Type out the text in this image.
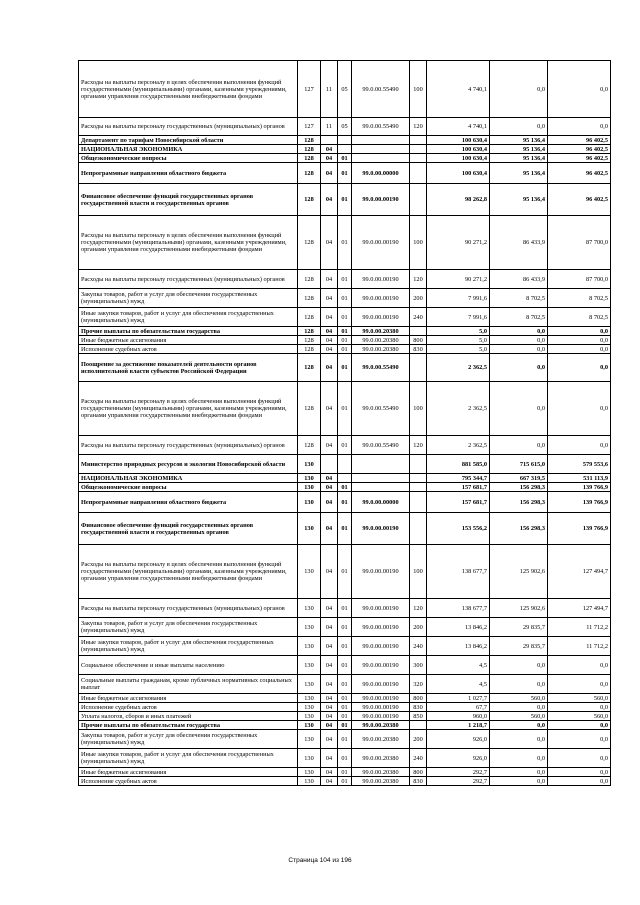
Расходы на выплаты персоналу в целях обеспечения выполнения функций государственными (муниципальными) органами, казенными учреждениями, органами управления государственными внебюджетными фондами	127	11	05	99.0.00.55490	100	4 740,1	0,0	0,0
Расходы на выплаты персоналу государственных (муниципальных) органов	127	11	05	99.0.00.55490	120	4 740,1	0,0	0,0
Департамент по тарифам Новосибирской области	128					100 630,4	95 136,4	96 402,5
НАЦИОНАЛЬНАЯ ЭКОНОМИКА	128	04				100 630,4	95 136,4	96 402,5
Общеэкономические вопросы	128	04	01			100 630,4	95 136,4	96 402,5
Непрограммные направления областного бюджета	128	04	01	99.0.00.00000		100 630,4	95 136,4	96 402,5
Финансовое обеспечение функций государственных органов государственной власти и государственных органов	128	04	01	99.0.00.00190		98 262,8	95 136,4	96 402,5
Расходы на выплаты персоналу в целях обеспечения выполнения функций государственными (муниципальными) органами, казенными учреждениями, органами управления государственными внебюджетными фондами	128	04	01	99.0.00.00190	100	90 271,2	86 433,9	87 700,0
Расходы на выплаты персоналу государственных (муниципальных) органов	128	04	01	99.0.00.00190	120	90 271,2	86 433,9	87 700,0
Закупка товаров, работ и услуг для обеспечения государственных (муниципальных) нужд	128	04	01	99.0.00.00190	200	7 991,6	8 702,5	8 702,5
Иные закупки товаров, работ и услуг для обеспечения государственных (муниципальных) нужд	128	04	01	99.0.00.00190	240	7 991,6	8 702,5	8 702,5
Прочие выплаты по обязательствам государства	128	04	01	99.0.00.20380		5,0	0,0	0,0
Иные бюджетные ассигнования	128	04	01	99.0.00.20380	800	5,0	0,0	0,0
Исполнение судебных актов	128	04	01	99.0.00.20380	830	5,0	0,0	0,0
Поощрение за достижение показателей деятельности органов исполнительной власти субъектов Российской Федерации	128	04	01	99.0.00.55490		2 362,5	0,0	0,0
Расходы на выплаты персоналу в целях обеспечения выполнения функций государственными (муниципальными) органами, казенными учреждениями, органами управления государственными внебюджетными фондами	128	04	01	99.0.00.55490	100	2 362,5	0,0	0,0
Расходы на выплаты персоналу государственных (муниципальных) органов	128	04	01	99.0.00.55490	120	2 362,5	0,0	0,0
Министерство природных ресурсов и экологии Новосибирской области	130					881 585,0	715 615,0	579 553,6
НАЦИОНАЛЬНАЯ ЭКОНОМИКА	130	04				795 344,7	667 319,5	531 113,9
Общеэкономические вопросы	130	04	01			157 681,7	156 298,3	139 766,9
Непрограммные направления областного бюджета	130	04	01	99.0.00.00000		157 681,7	156 298,3	139 766,9
Финансовое обеспечение функций государственных органов государственной власти и государственных органов	130	04	01	99.0.00.00190		153 556,2	156 298,3	139 766,9
Расходы на выплаты персоналу в целях обеспечения выполнения функций государственными (муниципальными) органами, казенными учреждениями, органами управления государственными внебюджетными фондами	130	04	01	99.0.00.00190	100	138 677,7	125 902,6	127 494,7
Расходы на выплаты персоналу государственных (муниципальных) органов	130	04	01	99.0.00.00190	120	138 677,7	125 902,6	127 494,7
Закупка товаров, работ и услуг для обеспечения государственных (муниципальных) нужд	130	04	01	99.0.00.00190	200	13 846,2	29 835,7	11 712,2
Иные закупки товаров, работ и услуг для обеспечения государственных (муниципальных) нужд	130	04	01	99.0.00.00190	240	13 846,2	29 835,7	11 712,2
Социальное обеспечение и иные выплаты населению	130	04	01	99.0.00.00190	300	4,5	0,0	0,0
Социальные выплаты гражданам, кроме публичных нормативных социальных выплат	130	04	01	99.0.00.00190	320	4,5	0,0	0,0
Иные бюджетные ассигнования	130	04	01	99.0.00.00190	800	1 027,7	560,0	560,0
Исполнение судебных актов	130	04	01	99.0.00.00190	830	67,7	0,0	0,0
Уплата налогов, сборов и иных платежей	130	04	01	99.0.00.00190	850	960,0	560,0	560,0
Прочие выплаты по обязательствам государства	130	04	01	99.0.00.20380		1 218,7	0,0	0,0
Закупка товаров, работ и услуг для обеспечения государственных (муниципальных) нужд	130	04	01	99.0.00.20380	200	926,0	0,0	0,0
Иные закупки товаров, работ и услуг для обеспечения государственных (муниципальных) нужд	130	04	01	99.0.00.20380	240	926,0	0,0	0,0
Иные бюджетные ассигнования	130	04	01	99.0.00.20380	800	292,7	0,0	0,0
Исполнение судебных актов	130	04	01	99.0.00.20380	830	292,7	0,0	0,0
Страница 104 из 196
